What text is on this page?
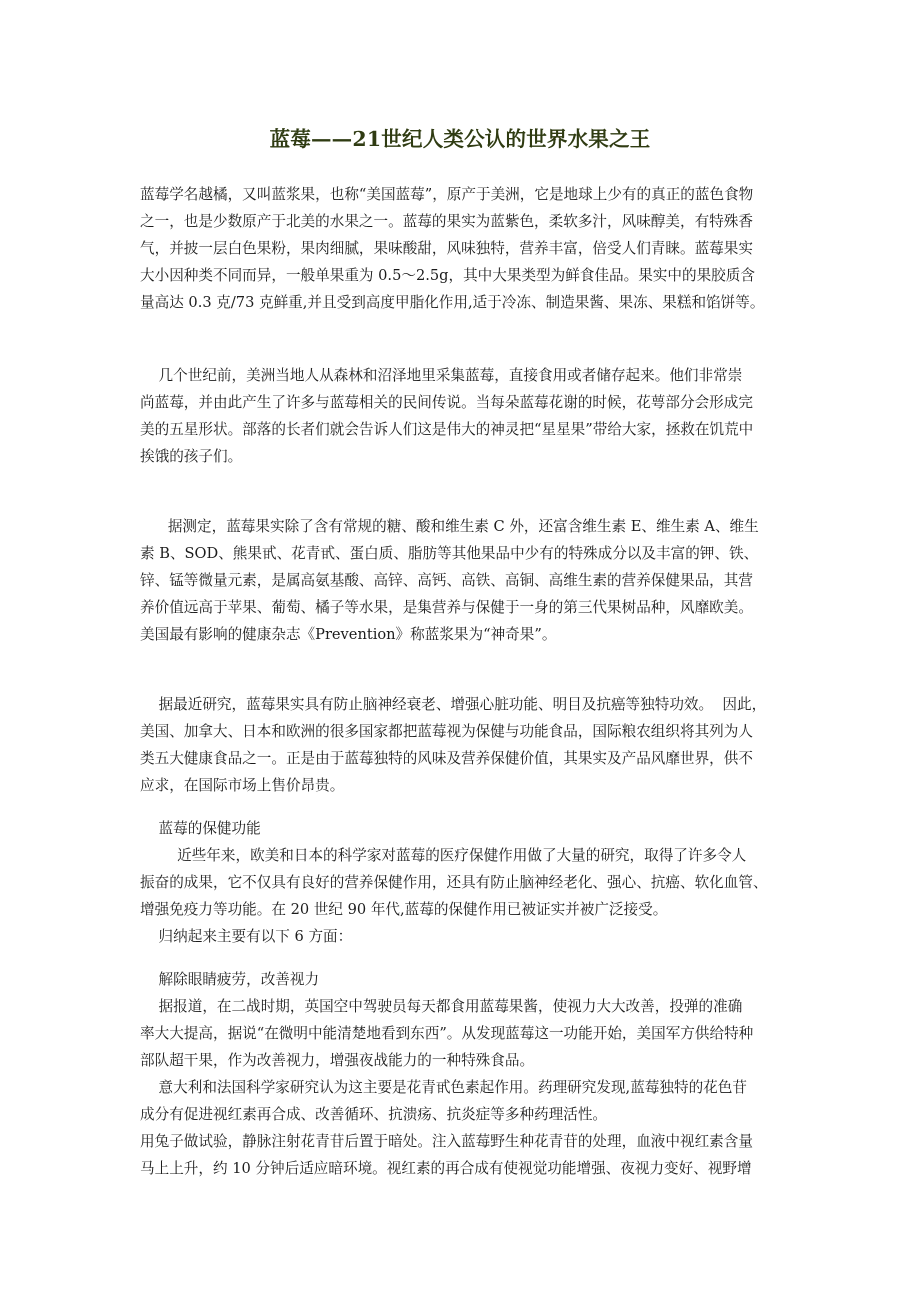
蓝莓——21世纪人类公认的世界水果之王
蓝莓学名越橘，又叫蓝浆果，也称“美国蓝莓”，原产于美洲，它是地球上少有的真正的蓝色食物
之一，也是少数原产于北美的水果之一。蓝莓的果实为蓝紫色，柔软多汁，风味醇美，有特殊香
气，并披一层白色果粉，果肉细腻，果味酸甜，风味独特，营养丰富，倍受人们青睐。蓝莓果实
大小因种类不同而异，一般单果重为 0.5～2.5g，其中大果类型为鲜食佳品。果实中的果胶质含
量高达 0.3 克/73 克鲜重,并且受到高度甲脂化作用,适于冷冻、制造果酱、果冻、果糕和馅饼等。
几个世纪前，美洲当地人从森林和沼泽地里采集蓝莓，直接食用或者储存起来。他们非常崇
尚蓝莓，并由此产生了许多与蓝莓相关的民间传说。当每朵蓝莓花谢的时候，花萼部分会形成完
美的五星形状。部落的长者们就会告诉人们这是伟大的神灵把“星星果”带给大家，拯救在饥荒中
挨饿的孩子们。
据测定，蓝莓果实除了含有常规的糖、酸和维生素 C 外，还富含维生素 E、维生素 A、维生
素 B、SOD、熊果甙、花青甙、蛋白质、脂肪等其他果品中少有的特殊成分以及丰富的钾、铁、
锌、锰等微量元素，是属高氨基酸、高锌、高钙、高铁、高铜、高维生素的营养保健果品，其营
养价值远高于苹果、葡萄、橘子等水果，是集营养与保健于一身的第三代果树品种，风靡欧美。
美国最有影响的健康杂志《Prevention》称蓝浆果为“神奇果”。
据最近研究，蓝莓果实具有防止脑神经衰老、增强心脏功能、明目及抗癌等独特功效。  因此，
美国、加拿大、日本和欧洲的很多国家都把蓝莓视为保健与功能食品，国际粮农组织将其列为人
类五大健康食品之一。正是由于蓝莓独特的风味及营养保健价值，其果实及产品风靡世界，供不
应求，在国际市场上售价昂贵。
蓝莓的保健功能
近些年来，欧美和日本的科学家对蓝莓的医疗保健作用做了大量的研究，取得了许多令人
振奋的成果，它不仅具有良好的营养保健作用，还具有防止脑神经老化、强心、抗癌、软化血管、
增强免疫力等功能。在 20 世纪 90 年代,蓝莓的保健作用已被证实并被广泛接受。
归纳起来主要有以下 6 方面：
解除眼睛疲劳，改善视力
据报道，在二战时期，英国空中驾驶员每天都食用蓝莓果酱，使视力大大改善，投弹的准确
率大大提高，据说“在微明中能清楚地看到东西”。从发现蓝莓这一功能开始，美国军方供给特种
部队超干果，作为改善视力，增强夜战能力的一种特殊食品。
意大利和法国科学家研究认为这主要是花青甙色素起作用。药理研究发现,蓝莓独特的花色苷
成分有促进视红素再合成、改善循环、抗溃疡、抗炎症等多种药理活性。
用兔子做试验，静脉注射花青苷后置于暗处。注入蓝莓野生种花青苷的处理，血液中视红素含量
马上上升，约 10 分钟后适应暗环境。视红素的再合成有使视觉功能增强、夜视力变好、视野增
